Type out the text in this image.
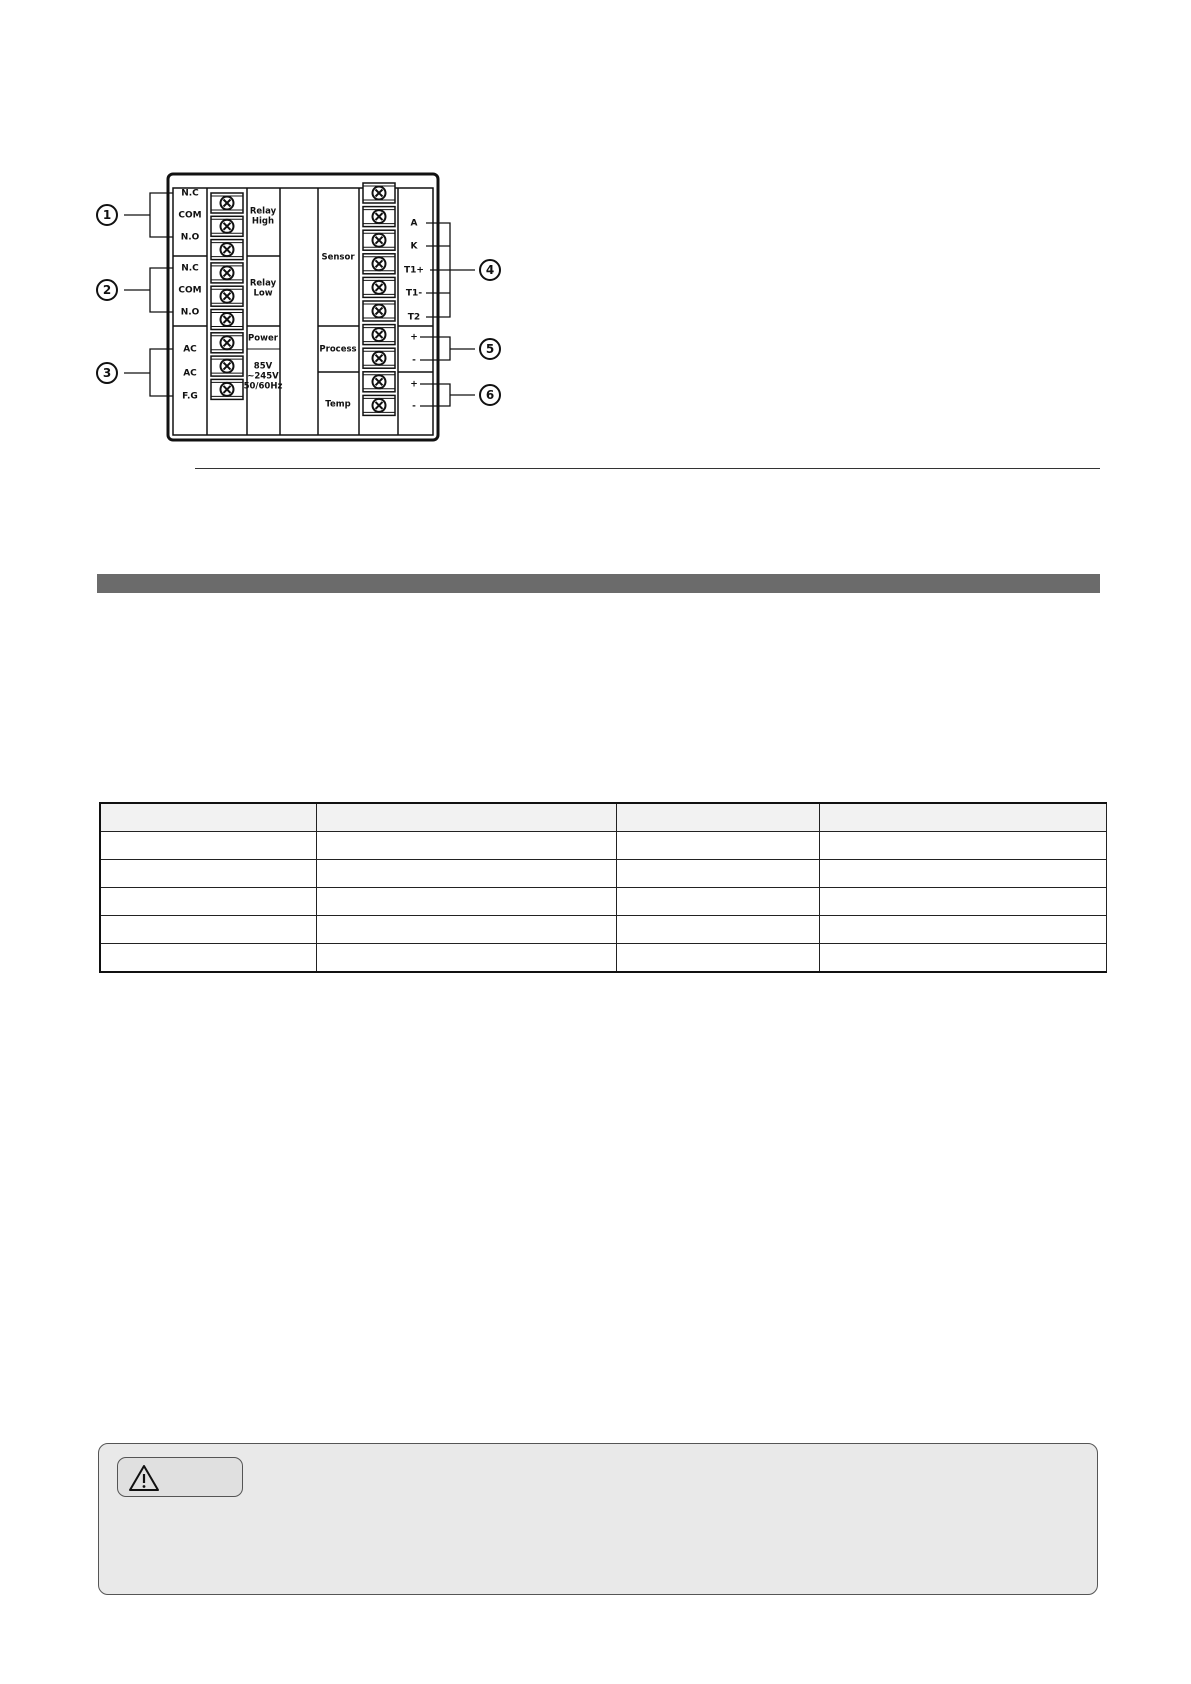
N.C
COM
N.O
N.C
COM
N.O
AC
AC
F.G
A
K
T1+
T1-
T2
+
-
+
-
Relay
High
Relay
Low
Power
85V
~245V
50/60Hz
Sensor
Process
Temp
1
2
3
4
5
6
